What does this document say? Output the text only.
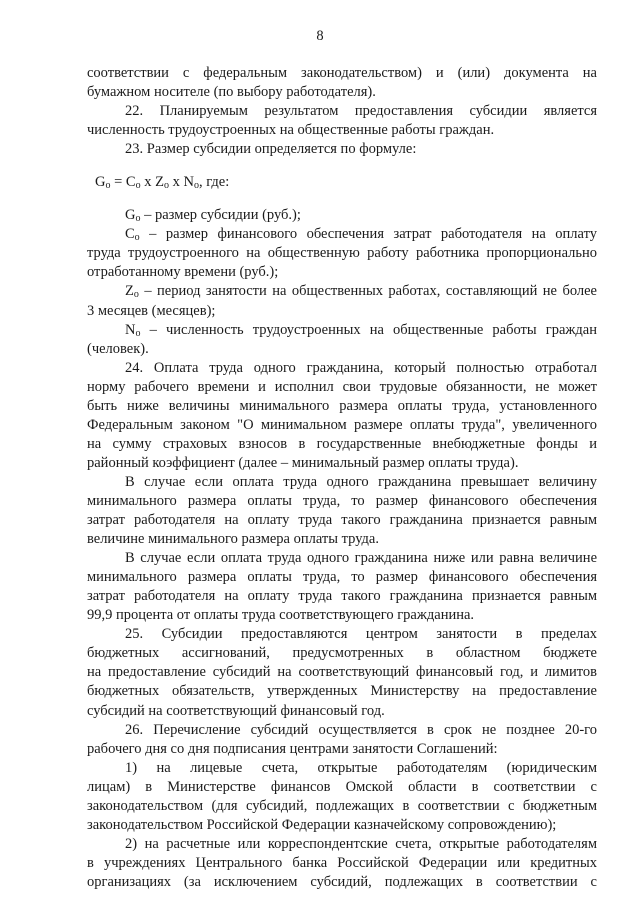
8
соответствии с федеральным законодательством) и (или) документа на
бумажном носителе (по выбору работодателя).
22. Планируемым результатом предоставления субсидии является
численность трудоустроенных на общественные работы граждан.
23. Размер субсидии определяется по формуле:
$G_o = C_o$ x $Z_o$ x $N_o$, где:
$G_o$ – размер субсидии (руб.);
$C_o$ – размер финансового обеспечения затрат работодателя на оплату
труда трудоустроенного на общественную работу работника пропорционально
отработанному времени (руб.);
$Z_o$ – период занятости на общественных работах, составляющий не более
3 месяцев (месяцев);
$N_o$ – численность трудоустроенных на общественные работы граждан
(человек).
24. Оплата труда одного гражданина, который полностью отработал
норму рабочего времени и исполнил свои трудовые обязанности, не может
быть ниже величины минимального размера оплаты труда, установленного
Федеральным законом "О минимальном размере оплаты труда", увеличенного
на сумму страховых взносов в государственные внебюджетные фонды и
районный коэффициент (далее – минимальный размер оплаты труда).
В случае если оплата труда одного гражданина превышает величину
минимального размера оплаты труда, то размер финансового обеспечения
затрат работодателя на оплату труда такого гражданина признается равным
величине минимального размера оплаты труда.
В случае если оплата труда одного гражданина ниже или равна величине
минимального размера оплаты труда, то размер финансового обеспечения
затрат работодателя на оплату труда такого гражданина признается равным
99,9 процента от оплаты труда соответствующего гражданина.
25. Субсидии предоставляются центром занятости в пределах
бюджетных ассигнований, предусмотренных в областном бюджете
на предоставление субсидий на соответствующий финансовый год, и лимитов
бюджетных обязательств, утвержденных Министерству на предоставление
субсидий на соответствующий финансовый год.
26. Перечисление субсидий осуществляется в срок не позднее 20-го
рабочего дня со дня подписания центрами занятости Соглашений:
1) на лицевые счета, открытые работодателям (юридическим
лицам) в Министерстве финансов Омской области в соответствии с
законодательством (для субсидий, подлежащих в соответствии с бюджетным
законодательством Российской Федерации казначейскому сопровождению);
2) на расчетные или корреспондентские счета, открытые работодателям
в учреждениях Центрального банка Российской Федерации или кредитных
организациях (за исключением субсидий, подлежащих в соответствии с
